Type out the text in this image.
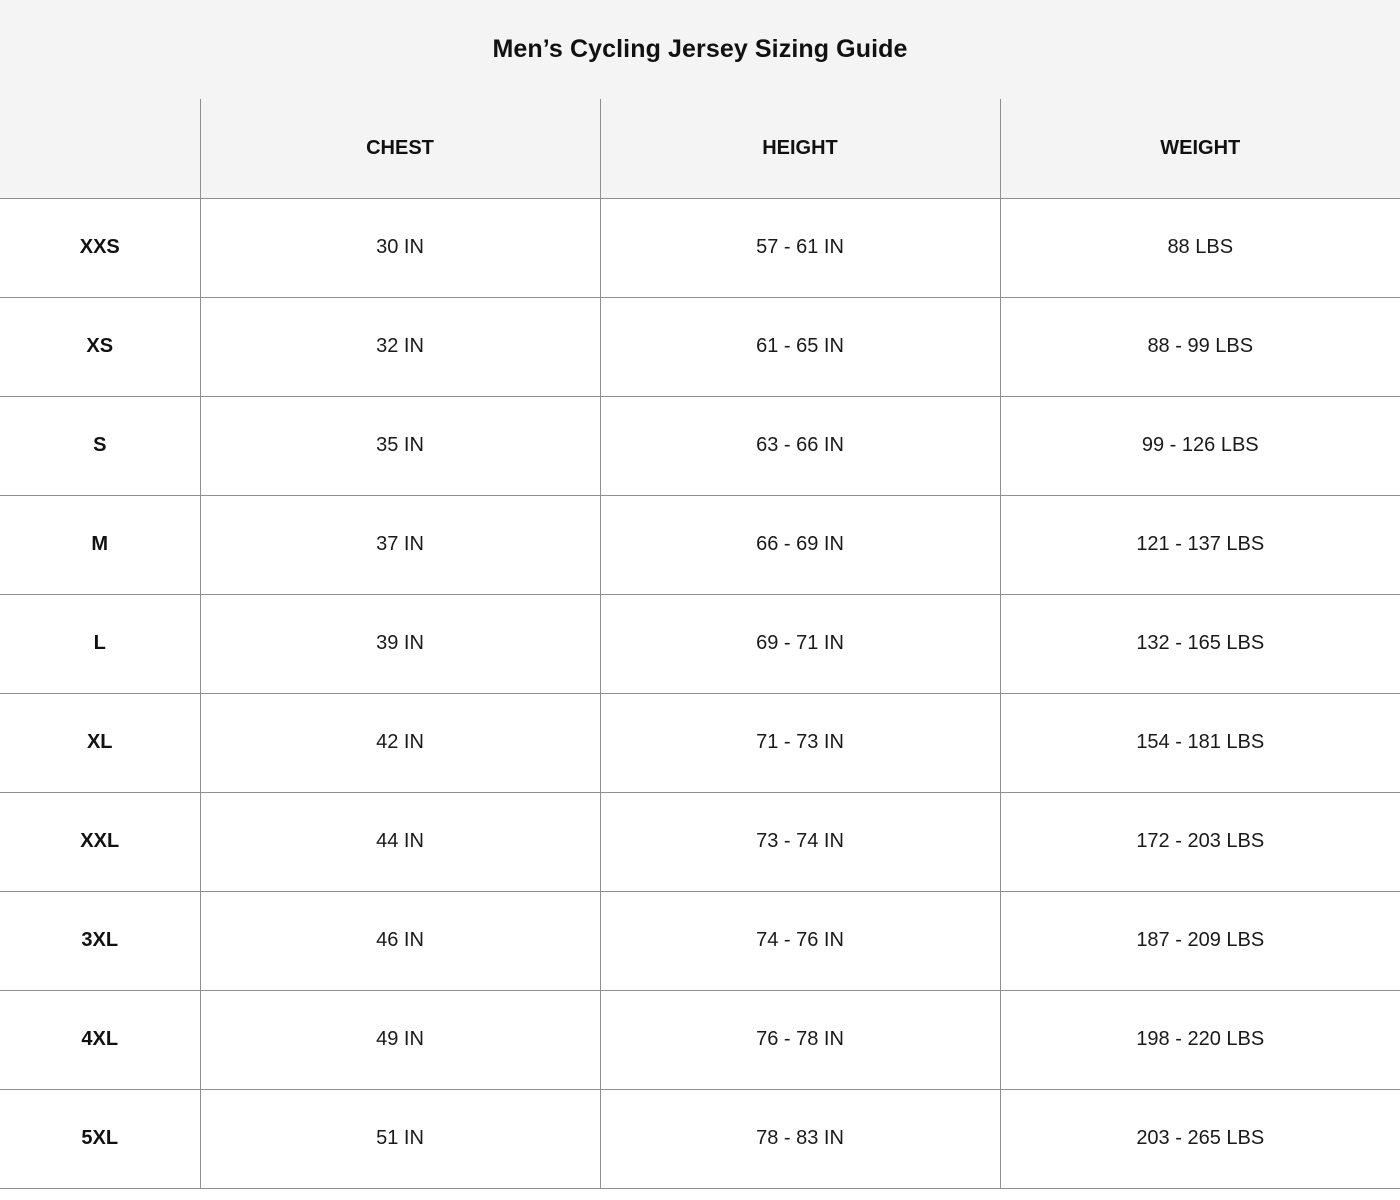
Men’s Cycling Jersey Sizing Guide
	CHEST	HEIGHT	WEIGHT
XXS	30 IN	57 - 61 IN	88 LBS
XS	32 IN	61 - 65 IN	88 - 99 LBS
S	35 IN	63 - 66 IN	99 - 126 LBS
M	37 IN	66 - 69 IN	121 - 137 LBS
L	39 IN	69 - 71 IN	132 - 165 LBS
XL	42 IN	71 - 73 IN	154 - 181 LBS
XXL	44 IN	73 - 74 IN	172 - 203 LBS
3XL	46 IN	74 - 76 IN	187 - 209 LBS
4XL	49 IN	76 - 78 IN	198 - 220 LBS
5XL	51 IN	78 - 83 IN	203 - 265 LBS
